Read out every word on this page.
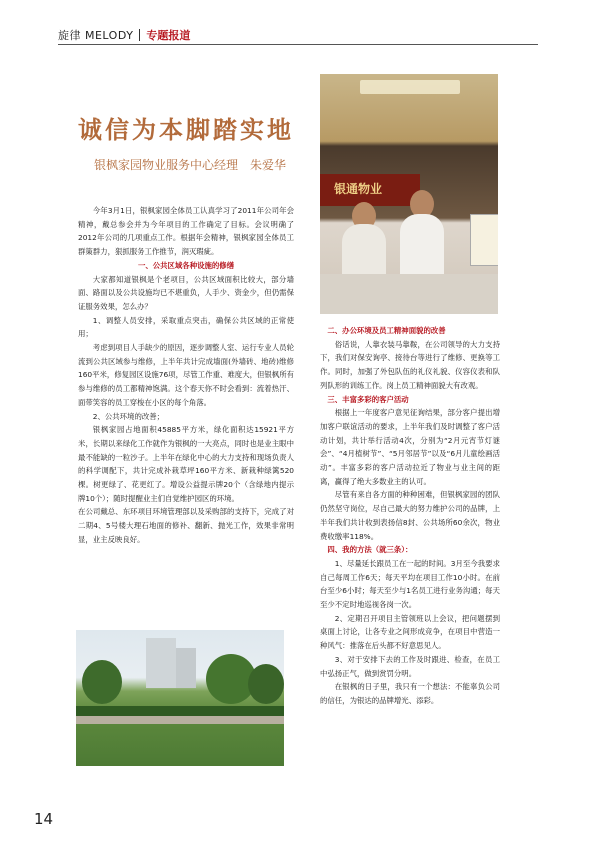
旋律 MELODY 专题报道
银通物业
诚信为本脚踏实地
银枫家园物业服务中心经理　朱爱华

今年3月1日，银枫家园全体员工认真学习了2011年公司年会精神，戴总参会并为今年项目的工作确定了目标。会议明确了2012年公司的几项重点工作。根据年会精神，银枫家园全体员工群策群力，狠抓服务工作推节，润灭瑕疵。

一、公共区域各种设施的修缮

大家都知道银枫是个老项目，公共区域面积比较大，部分墙面、路面以及公共设施均已不堪重负，人手少、资金少，但仍需保证服务效果，怎么办？

1、调整人员安排，采取重点突击，确保公共区域的正常使用；

考虑到项目人手缺少的原因，逐步调整人室、运行专业人员轮流到公共区域参与维修，上半年共计完成墙面(外墙砖、地砖)维修160平米，修复园区设施76项，尽管工作重、难度大，但银枫所有参与维修的员工都精神饱满。这个春天你不时会看到：流着热汗、面带笑容的员工穿梭在小区的每个角落。

2、公共环境的改善；

银枫家园占地面积45885平方米，绿化面积达15921平方米，长期以来绿化工作就作为银枫的一大亮点，同时也是业主眼中最不能缺的一粒沙子。上半年在绿化中心的大力支持和现场负责人的科学调配下，共计完成补栽草坪160平方米、新栽种绿篱520棵。树更绿了、花更红了。增设公益提示牌20个（含绿地内提示牌10个）；随时提醒业主们自觉维护园区的环境。

在公司戴总、东环项目环境管理部以及采购部的支持下，完成了对二期4、5号楼大理石地面的修补、翻新、抛光工作，效果非常明显，业主反映良好。

二、办公环境及员工精神面貌的改善

俗话说，人靠衣装马靠鞍，在公司领导的大力支持下，我们对保安询亭、接待台等进行了维修、更换等工作。同时，加强了外包队伍的礼仪礼貌、仪容仪表和队列队形的训练工作。岗上员工精神面貌大有改观。

三、丰富多彩的客户活动

根据上一年度客户意见征询结果，部分客户提出增加客户联谊活动的要求，上半年我们及时调整了客户活动计划，共计举行活动4次，分别为“2月元宵节灯谜会”、“4月植树节”、“5月邻居节”以及“6月儿童绘画活动”。丰富多彩的客户活动拉近了物业与业主间的距离，赢得了绝大多数业主的认可。

尽管有来自各方面的种种困难，但银枫家园的团队仍然坚守岗位，尽自己最大的努力维护公司的品牌，上半年我们共计收到表扬信8封、公共场所60余次，物业费收缴率118%。

四、我的方法（就三条）：

1、尽量延长跟员工在一起的时间。3月至今我要求自己每周工作6天；每天平均在项目工作10小时。在前台至少6小时；每天至少与1名员工进行业务沟通；每天至少不定时地巡视各岗一次。

2、定期召开项目主管领班以上会议，把问题摆到桌面上讨论，让各专业之间形成竞争，在项目中营造一种风气：推落在后头都不好意思见人。

3、对于安排下去的工作及时跟进、检查，在员工中弘扬正气，做到赏罚分明。

在银枫的日子里，我只有一个想法：不能辜负公司的信任，为银达的品牌增光、添彩。

14
